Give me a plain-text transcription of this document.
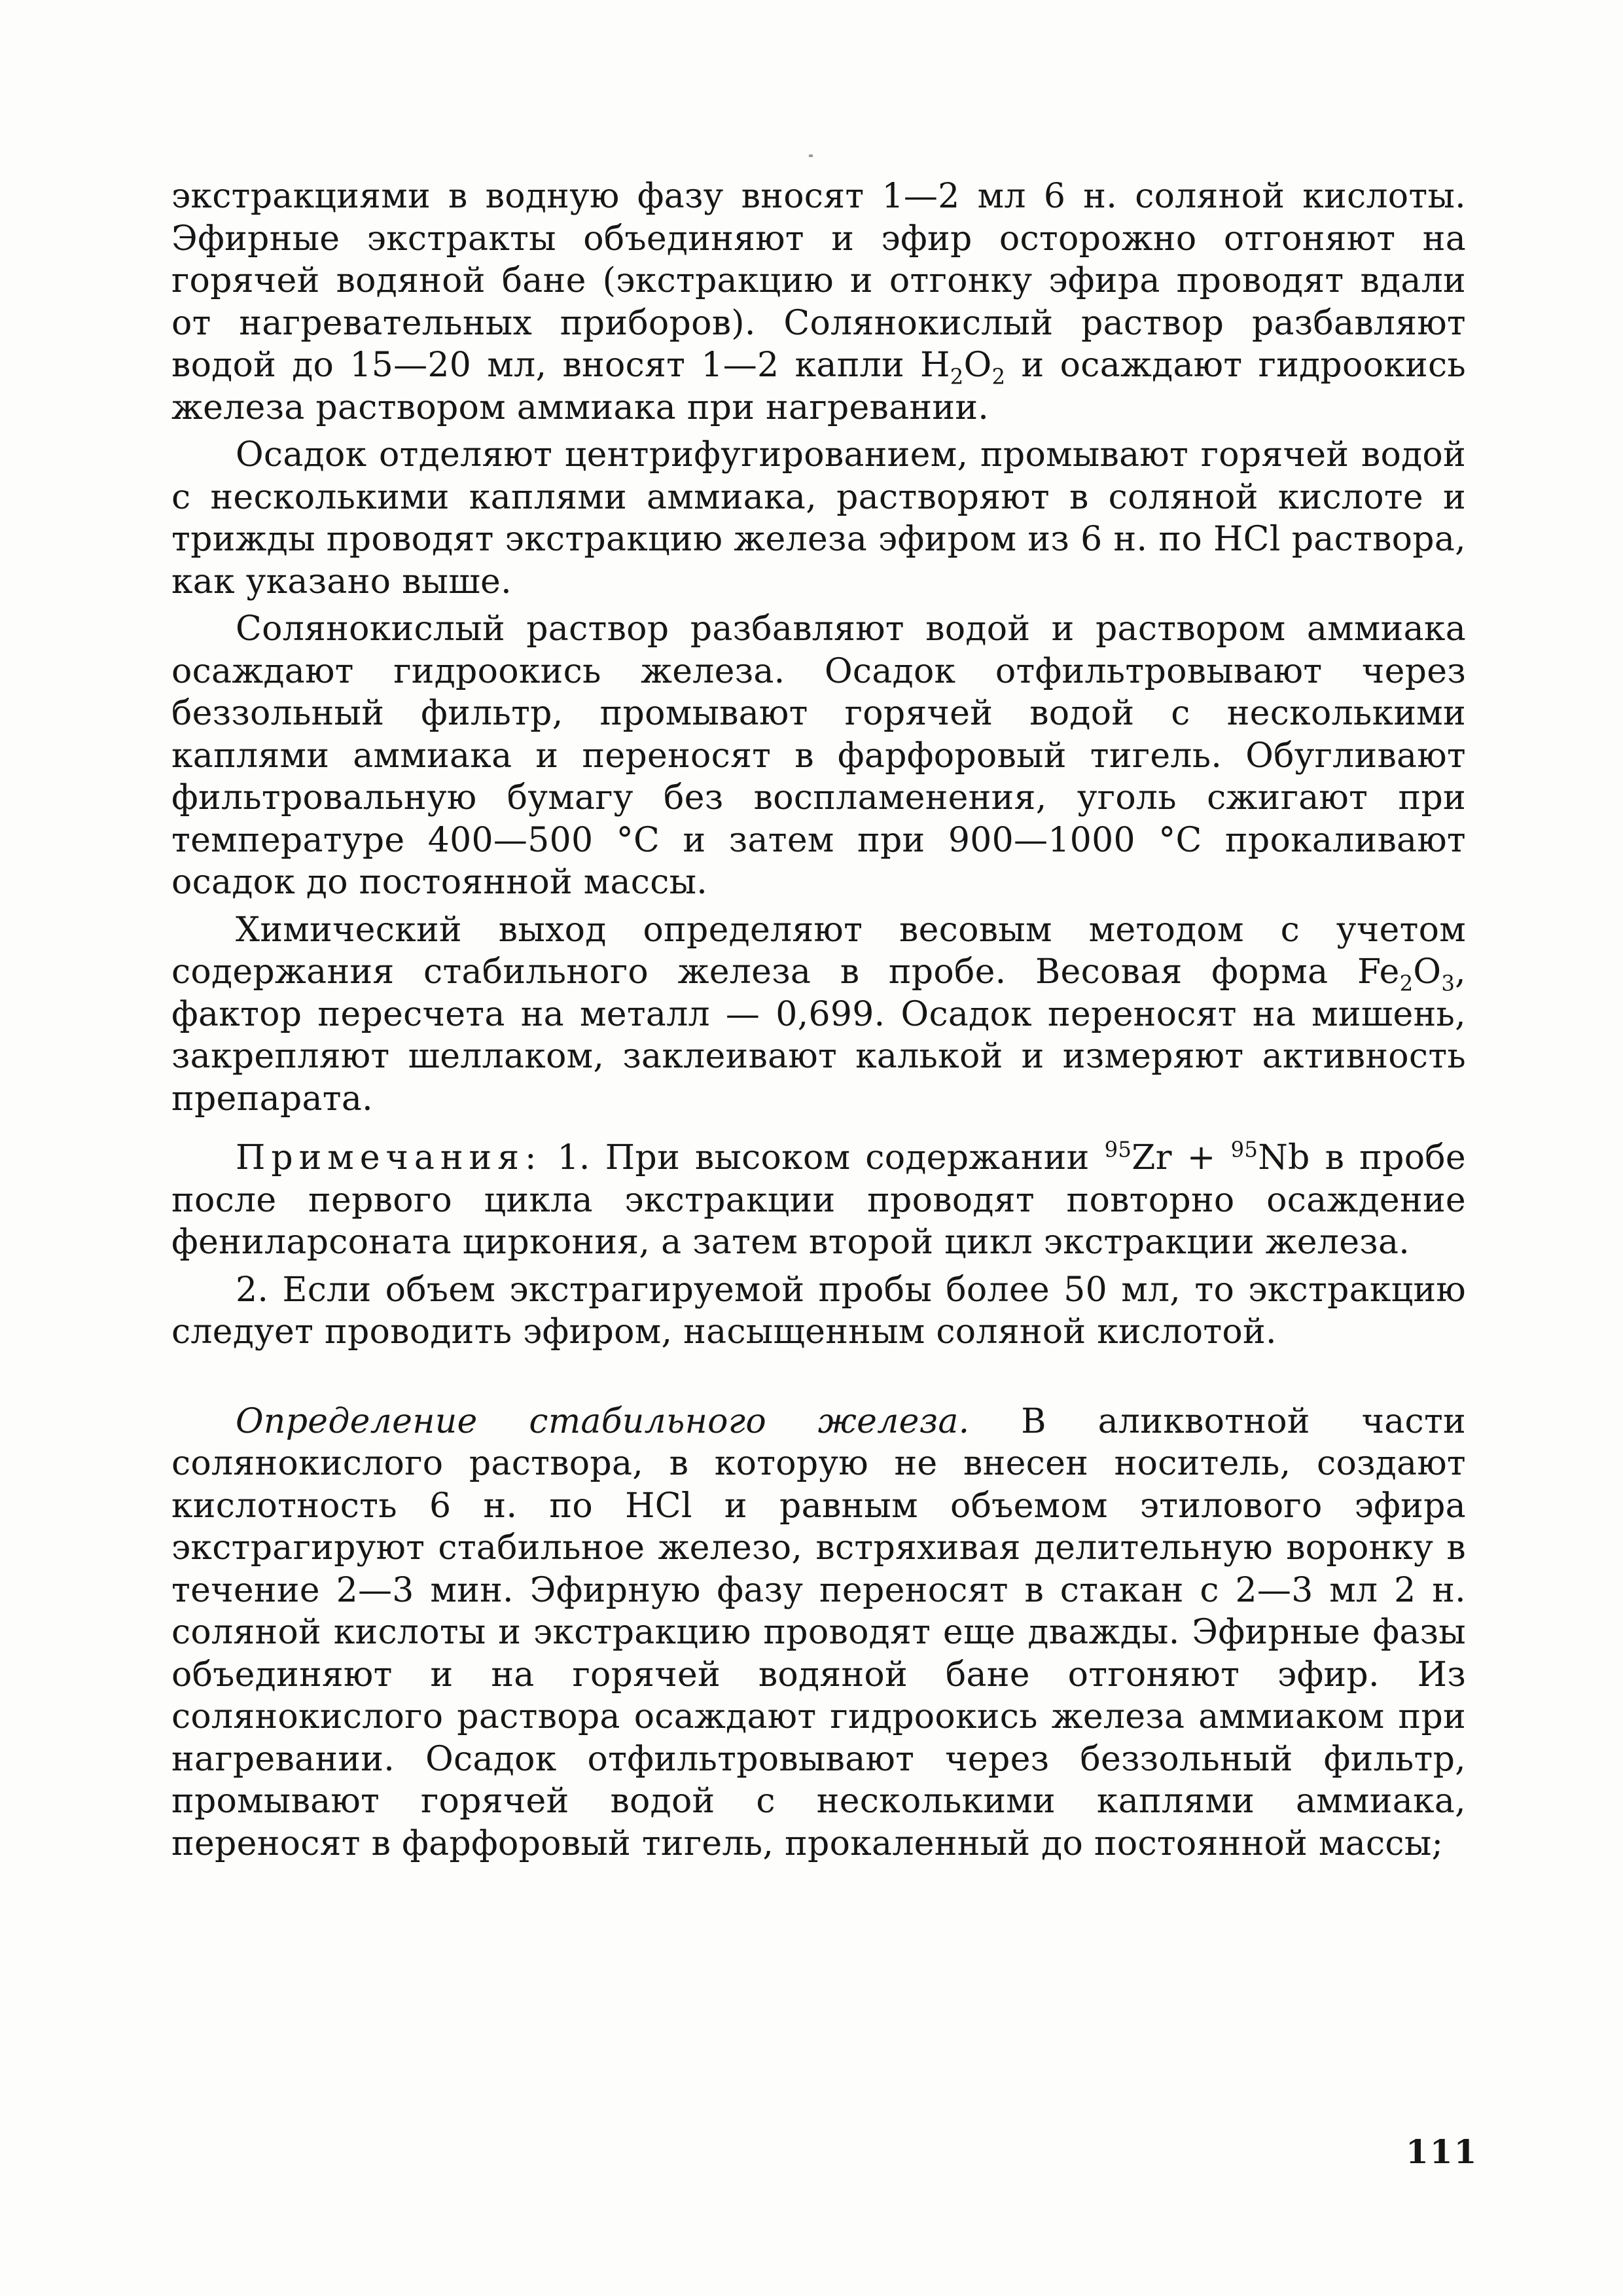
экстракциями в водную фазу вносят 1—2 мл 6 н. соляной кислоты. Эфирные экстракты объединяют и эфир осторожно отгоняют на горячей водяной бане (экстракцию и отгонку эфира проводят вдали от нагревательных приборов). Солянокислый раствор разбавляют водой до 15—20 мл, вносят 1—2 капли $H_2O_2$ и осаждают гидроокись железа раствором аммиака при нагревании.

Осадок отделяют центрифугированием, промывают горячей водой с несколькими каплями аммиака, растворяют в соляной кислоте и трижды проводят экстракцию железа эфиром из 6 н. по HCl раствора, как указано выше.

Солянокислый раствор разбавляют водой и раствором аммиака осаждают гидроокись железа. Осадок отфильтровывают через беззольный фильтр, промывают горячей водой с несколькими каплями аммиака и переносят в фарфоровый тигель. Обугливают фильтровальную бумагу без воспламенения, уголь сжигают при температуре 400—500 °С и затем при 900—1000 °С прокаливают осадок до постоянной массы.

Химический выход определяют весовым методом с учетом содержания стабильного железа в пробе. Весовая форма $Fe_2O_3$, фактор пересчета на металл — 0,699. Осадок переносят на мишень, закрепляют шеллаком, заклеивают калькой и измеряют активность препарата.

Примечания: 1. При высоком содержании $^{95}$Zr + $^{95}$Nb в пробе после первого цикла экстракции проводят повторно осаждение фениларсоната циркония, а затем второй цикл экстракции железа.

2. Если объем экстрагируемой пробы более 50 мл, то экстракцию следует проводить эфиром, насыщенным соляной кислотой.

Определение стабильного железа. В аликвотной части солянокислого раствора, в которую не внесен носитель, создают кислотность 6 н. по HCl и равным объемом этилового эфира экстрагируют стабильное железо, встряхивая делительную воронку в течение 2—3 мин. Эфирную фазу переносят в стакан с 2—3 мл 2 н. соляной кислоты и экстракцию проводят еще дважды. Эфирные фазы объединяют и на горячей водяной бане отгоняют эфир. Из солянокислого раствора осаждают гидроокись железа аммиаком при нагревании. Осадок отфильтровывают через беззольный фильтр, промывают горячей водой с несколькими каплями аммиака, переносят в фарфоровый тигель, прокаленный до постоянной массы;

111
